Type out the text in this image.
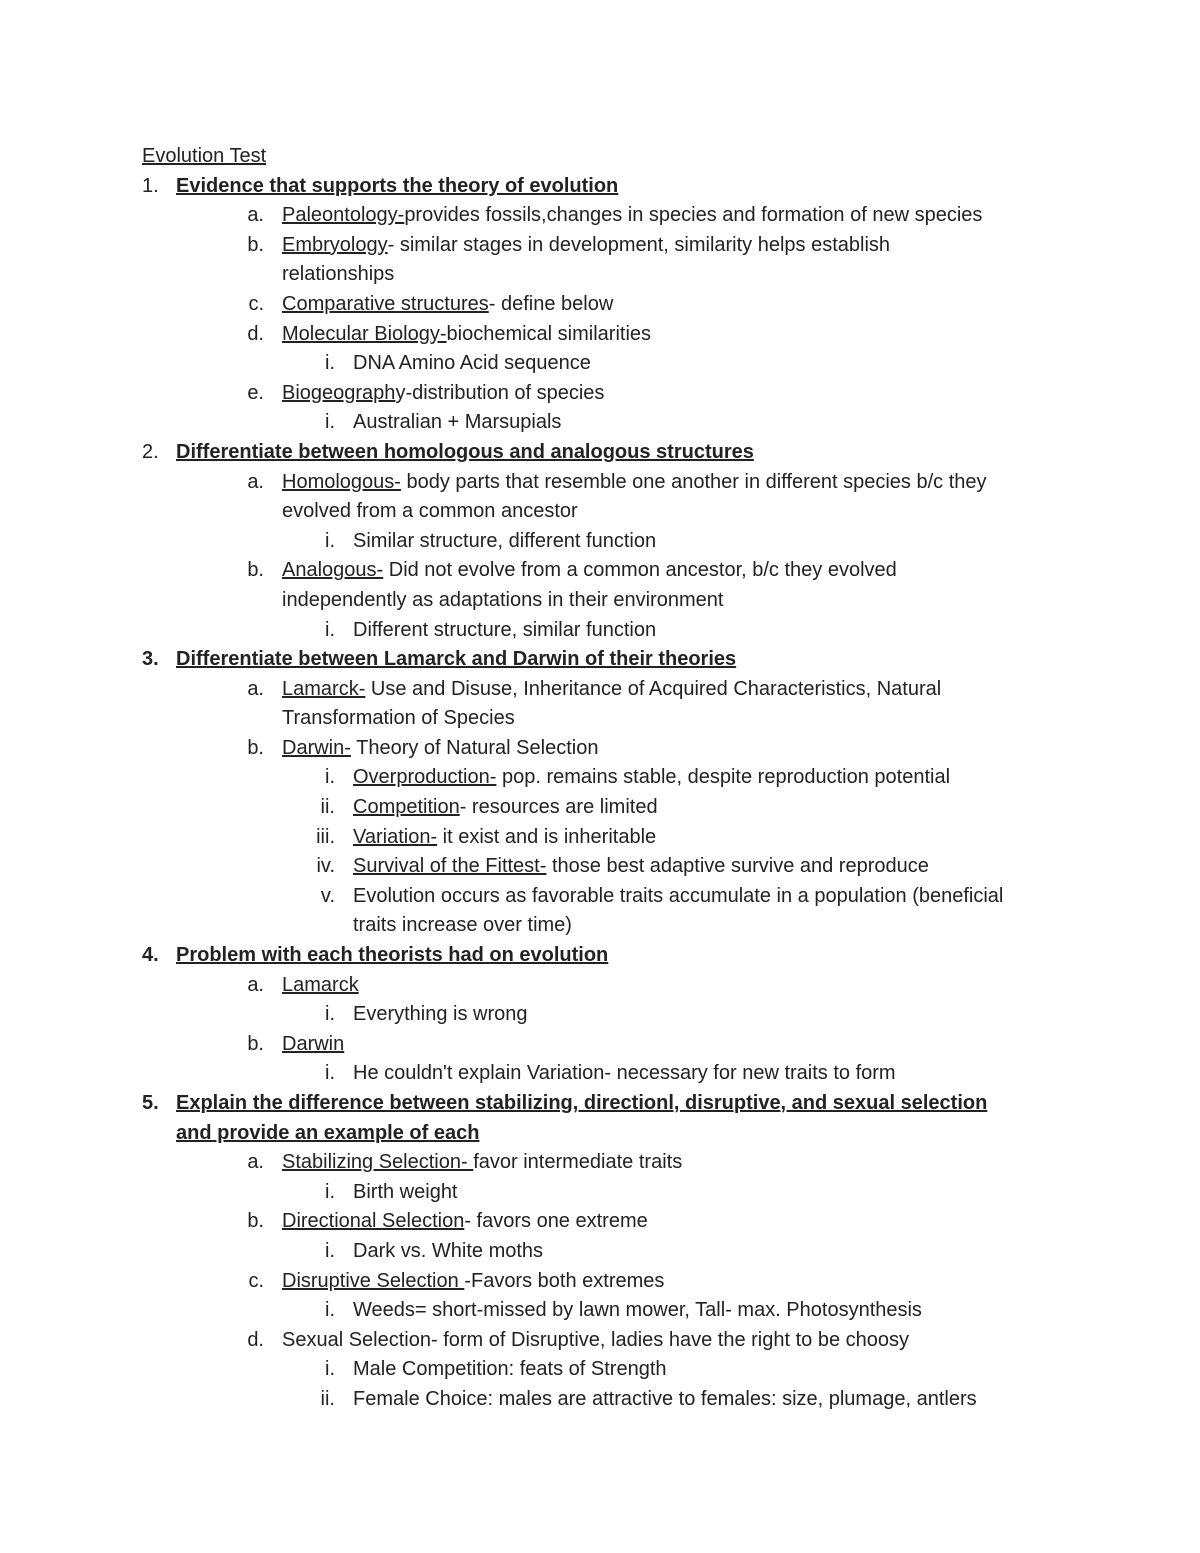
Evolution Test
1. Evidence that supports the theory of evolution
a. Paleontology-provides fossils,changes in species and formation of new species
b. Embryology- similar stages in development, similarity helps establish
relationships
c. Comparative structures- define below
d. Molecular Biology-biochemical similarities
i. DNA Amino Acid sequence
e. Biogeography-distribution of species
i. Australian + Marsupials
2. Differentiate between homologous and analogous structures
a. Homologous- body parts that resemble one another in different species b/c they
evolved from a common ancestor
i. Similar structure, different function
b. Analogous- Did not evolve from a common ancestor, b/c they evolved
independently as adaptations in their environment
i. Different structure, similar function
3. Differentiate between Lamarck and Darwin of their theories
a. Lamarck- Use and Disuse, Inheritance of Acquired Characteristics, Natural
Transformation of Species
b. Darwin- Theory of Natural Selection
i. Overproduction- pop. remains stable, despite reproduction potential
ii. Competition- resources are limited
iii. Variation- it exist and is inheritable
iv. Survival of the Fittest- those best adaptive survive and reproduce
v. Evolution occurs as favorable traits accumulate in a population (beneficial
traits increase over time)
4. Problem with each theorists had on evolution
a. Lamarck
i. Everything is wrong
b. Darwin
i. He couldn't explain Variation- necessary for new traits to form
5. Explain the difference between stabilizing, directionl, disruptive, and sexual selection
and provide an example of each
a. Stabilizing Selection- favor intermediate traits
i. Birth weight
b. Directional Selection- favors one extreme
i. Dark vs. White moths
c. Disruptive Selection -Favors both extremes
i. Weeds= short-missed by lawn mower, Tall- max. Photosynthesis
d. Sexual Selection- form of Disruptive, ladies have the right to be choosy
i. Male Competition: feats of Strength
ii. Female Choice: males are attractive to females: size, plumage, antlers
